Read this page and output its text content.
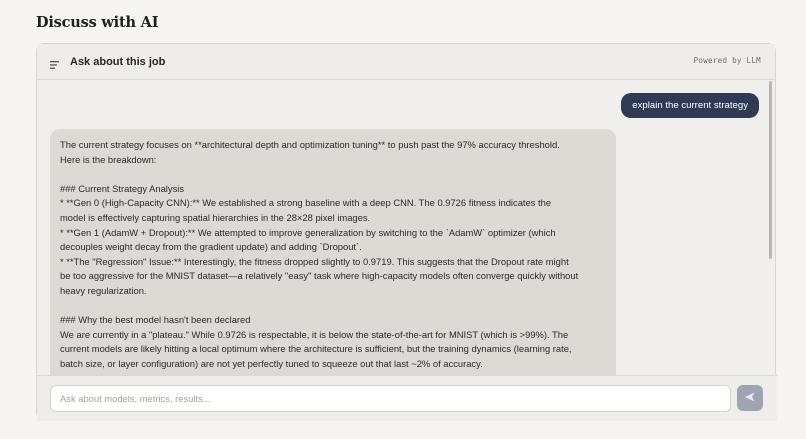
Discuss with AI
Ask about this job	Powered by LLM
explain the current strategy
The current strategy focuses on **architectural depth and optimization tuning** to push past the 97% accuracy threshold.
Here is the breakdown:
### Current Strategy Analysis
* **Gen 0 (High-Capacity CNN):** We established a strong baseline with a deep CNN. The 0.9726 fitness indicates the
model is effectively capturing spatial hierarchies in the 28×28 pixel images.
* **Gen 1 (AdamW + Dropout):** We attempted to improve generalization by switching to the `AdamW` optimizer (which
decouples weight decay from the gradient update) and adding `Dropout`.
* **The "Regression" Issue:** Interestingly, the fitness dropped slightly to 0.9719. This suggests that the Dropout rate might
be too aggressive for the MNIST dataset—a relatively "easy" task where high-capacity models often converge quickly without
heavy regularization.
### Why the best model hasn't been declared
We are currently in a "plateau." While 0.9726 is respectable, it is below the state-of-the-art for MNIST (which is >99%). The
current models are likely hitting a local optimum where the architecture is sufficient, but the training dynamics (learning rate,
batch size, or layer configuration) are not yet perfectly tuned to squeeze out that last ~2% of accuracy.
Ask about models, metrics, results...
